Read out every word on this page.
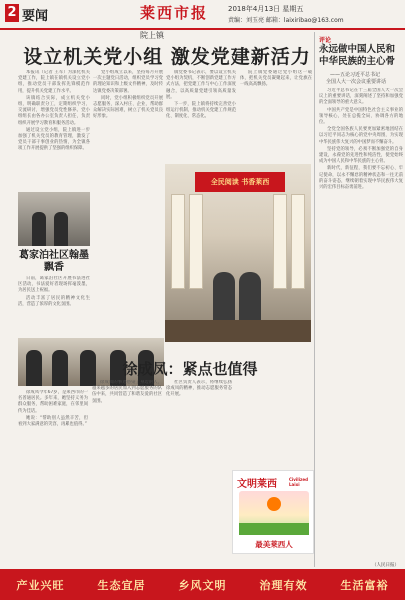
2 要闻	莱西市报	2018年4月13日 星期五
责编：刘玉亮 邮箱：laixiribao@163.com
院上镇
设立机关党小组 激发党建新活力

本报讯（记者 王军）为深化机关党建工作，院上镇在镇机关设立党小组，推动党员干部发挥先锋模范作用，提升机关党建工作水平。

该镇结合实际，成立机关党小组，明确职责分工，定期组织学习、交流研讨，增强党员党性修养。党小组组长由各办公室负责人担任，负责组织开展学习教育和服务活动。

通过设立党小组，院上镇进一步加强了机关党员的教育管理，激发了党员干部干事创业的热情，为全镇各项工作开展提供了坚强的组织保障。

党小组成立以来，坚持每月开展一次主题党日活动，组织党员学习党的理论知识和上级文件精神，及时传达镇党委决策部署。

同时，党小组积极组织党员开展志愿服务，深入村庄、企业，帮助群众解决实际困难，树立了机关党员良好形象。

镇党委书记表示，要以设立机关党小组为契机，不断创新党建工作方式方法，把党建工作与中心工作深度融合，以高质量党建引领高质量发展。

下一步，院上镇将持续完善党小组运行机制，推动机关党建工作规范化、制度化、常态化。

院上镇党委通过党小组这一载体，把机关党员凝聚起来，让党旗在一线高高飘扬。

全民阅读 书香莱西
葛家泊社区翰墨飘香

日前，葛家泊社区开展书法进社区活动，书法爱好者现场挥毫泼墨，为居民送上祝福。

活动丰富了居民的精神文化生活，营造了浓厚的文化氛围。

徐成凤：紧点也值得

徐成凤今年67岁，是莱西市的一名普通居民。多年来，她坚持义务为群众服务，帮助困难家庭，在邻里间传为佳话。

她说：“帮助别人虽然辛苦，但看到大家满意的笑容，再累也值得。”

徐成凤的事迹感染了身边的人，越来越多的居民加入到志愿服务的队伍中来，共同营造了和谐友爱的社区氛围。

社区负责人表示，将继续弘扬徐成凤的精神，推动志愿服务常态化开展。

评论
永远做中国人民和中华民族的主心骨
——五论习近平总书记
全国人大一次会议重要讲话

习近平总书记在十三届全国人大一次会议上的重要讲话，深刻阐述了坚持和加强党的全面领导的重大意义。

中国共产党是中国特色社会主义事业的领导核心，处在总揽全局、协调各方的地位。

全党全国各族人民要更加紧密地团结在以习近平同志为核心的党中央周围，为实现中华民族伟大复兴的中国梦而不懈奋斗。

坚持党的领导，必须不断加强党的自身建设，永葆党的先进性和纯洁性，使党始终成为中国人民和中华民族的主心骨。

新时代，新征程，我们要不忘初心、牢记使命，以永不懈怠的精神状态和一往无前的奋斗姿态，继续朝着实现中华民族伟大复兴的宏伟目标奋勇前进。

（人民日报）
文明莱西	Civilized
Laixi
最美莱西人
产业兴旺	生态宜居	乡风文明	治理有效	生活富裕
